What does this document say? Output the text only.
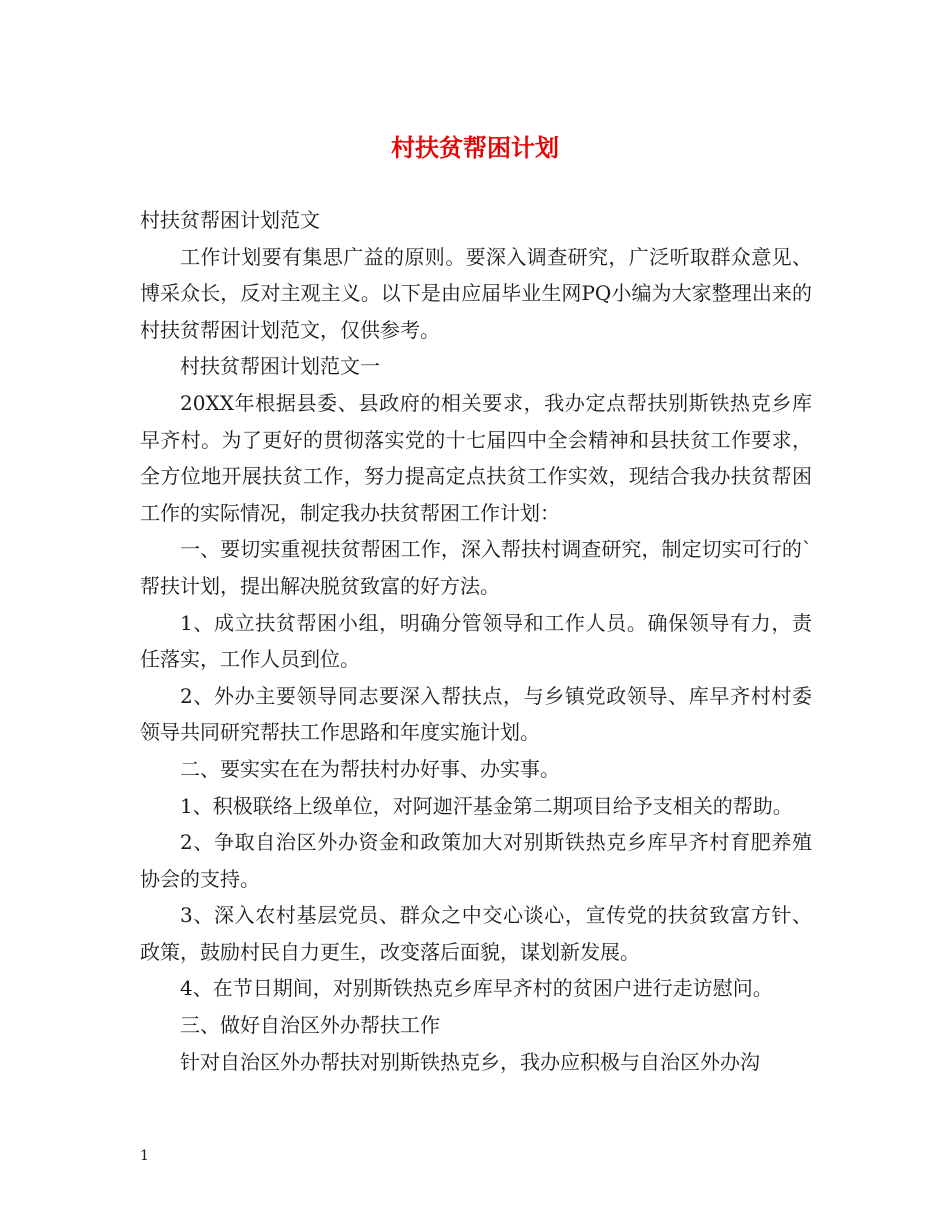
村扶贫帮困计划

村扶贫帮困计划范文

工作计划要有集思广益的原则。要深入调查研究，广泛听取群众意见、博采众长，反对主观主义。以下是由应届毕业生网PQ小编为大家整理出来的村扶贫帮困计划范文，仅供参考。

村扶贫帮困计划范文一

20XX年根据县委、县政府的相关要求，我办定点帮扶别斯铁热克乡库早齐村。为了更好的贯彻落实党的十七届四中全会精神和县扶贫工作要求，全方位地开展扶贫工作，努力提高定点扶贫工作实效，现结合我办扶贫帮困工作的实际情况，制定我办扶贫帮困工作计划：

一、要切实重视扶贫帮困工作，深入帮扶村调查研究，制定切实可行的`帮扶计划，提出解决脱贫致富的好方法。

1、成立扶贫帮困小组，明确分管领导和工作人员。确保领导有力，责任落实，工作人员到位。

2、外办主要领导同志要深入帮扶点，与乡镇党政领导、库早齐村村委领导共同研究帮扶工作思路和年度实施计划。

二、要实实在在为帮扶村办好事、办实事。

1、积极联络上级单位，对阿迦汗基金第二期项目给予支相关的帮助。

2、争取自治区外办资金和政策加大对别斯铁热克乡库早齐村育肥养殖协会的支持。

3、深入农村基层党员、群众之中交心谈心，宣传党的扶贫致富方针、政策，鼓励村民自力更生，改变落后面貌，谋划新发展。

4、在节日期间，对别斯铁热克乡库早齐村的贫困户进行走访慰问。

三、做好自治区外办帮扶工作

针对自治区外办帮扶对别斯铁热克乡，我办应积极与自治区外办沟

1
